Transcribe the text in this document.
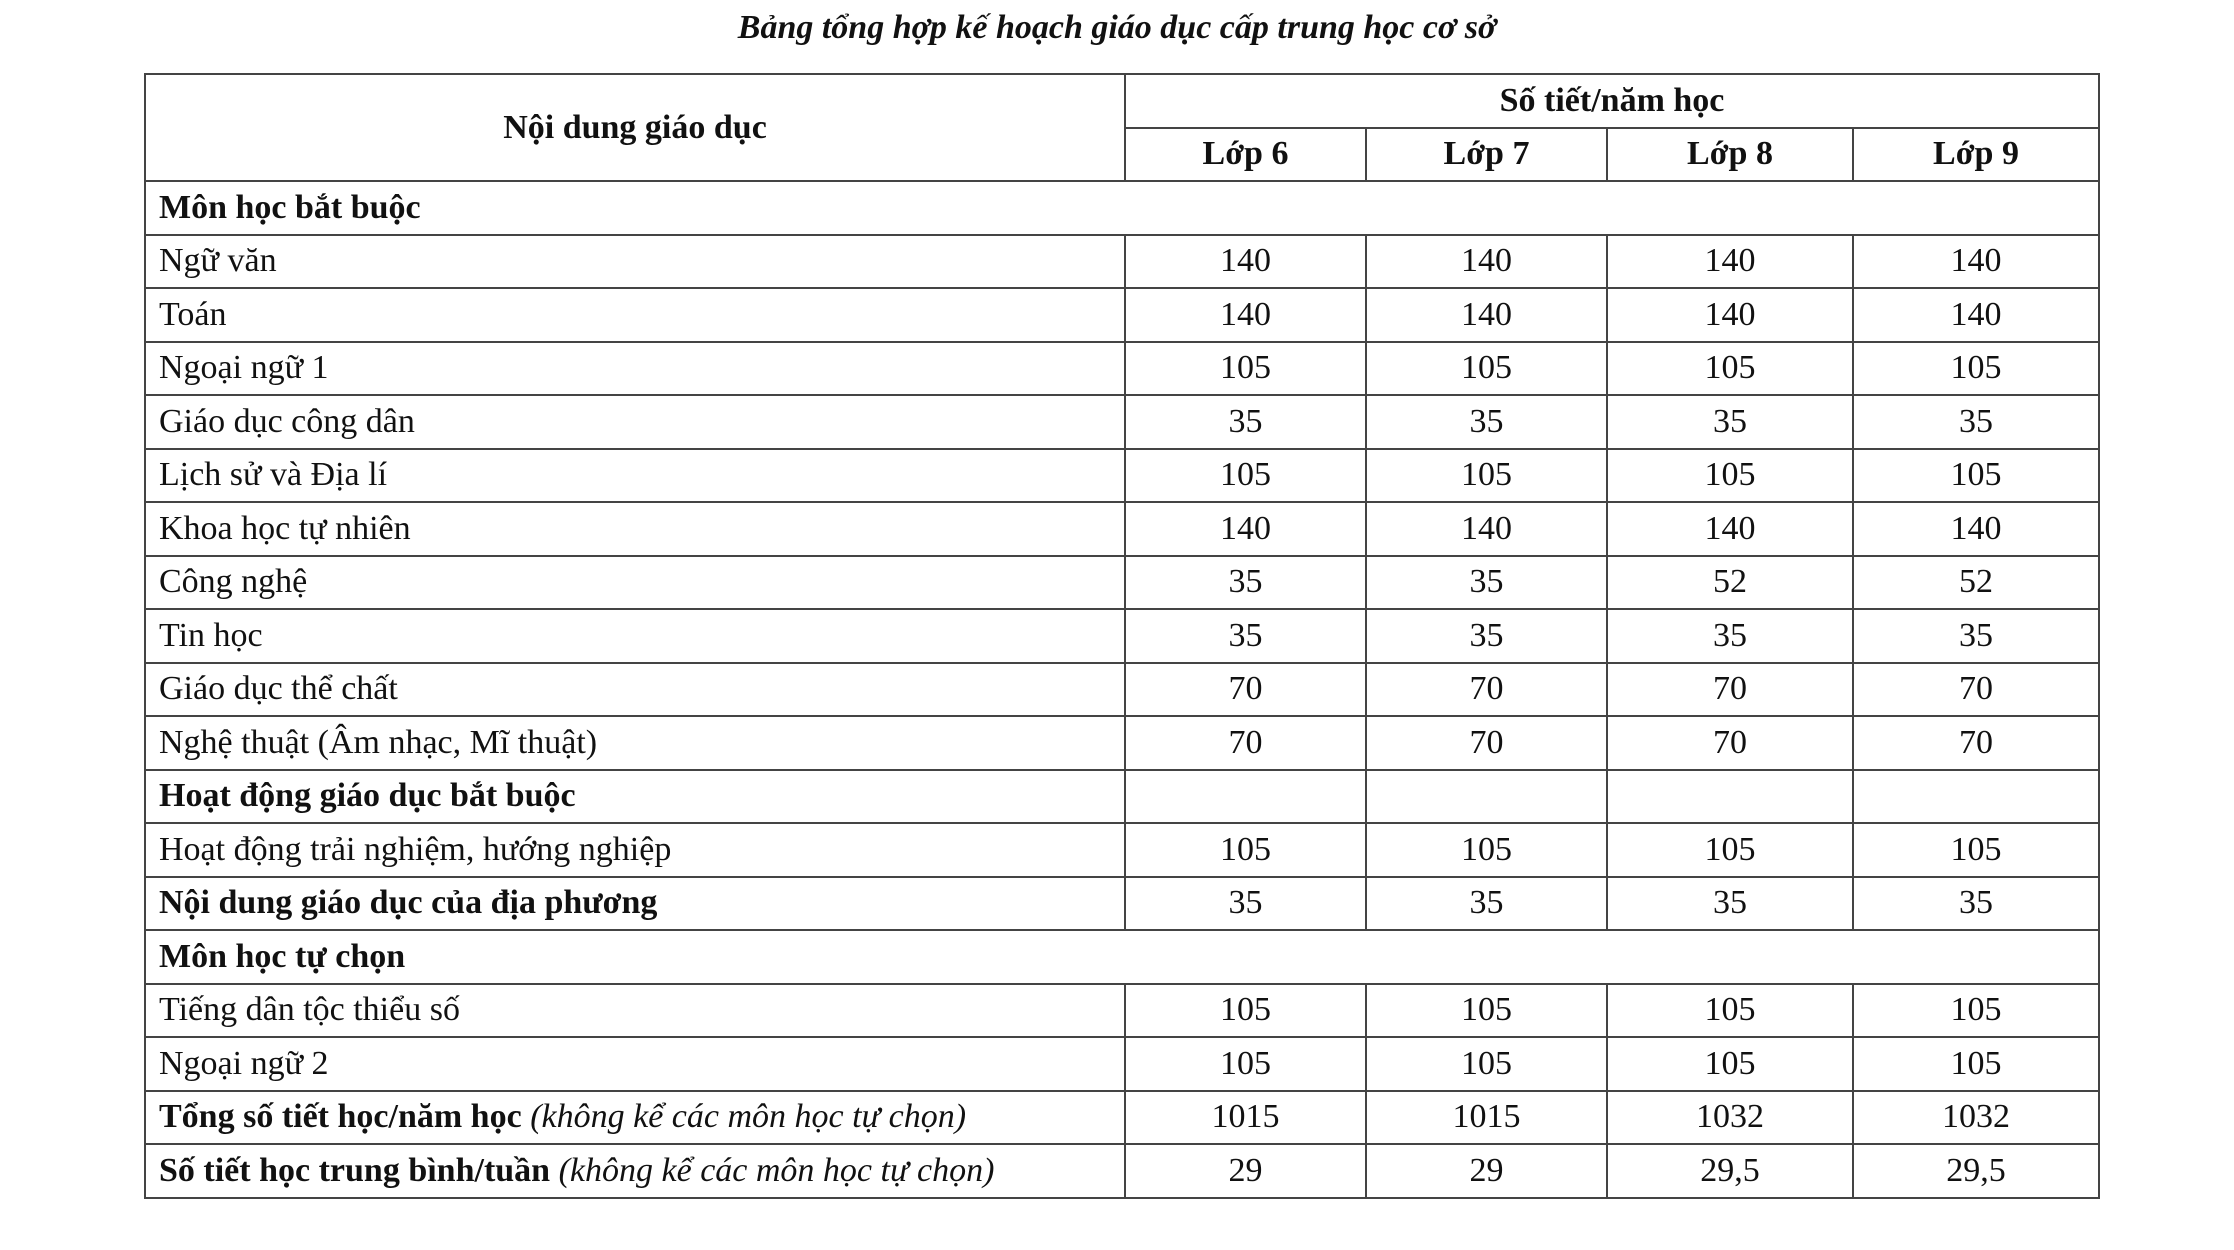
Bảng tổng hợp kế hoạch giáo dục cấp trung học cơ sở
Nội dung giáo dục	Số tiết/năm học			
	Lớp 6	Lớp 7	Lớp 8	Lớp 9
Môn học bắt buộc				
Ngữ văn	140	140	140	140
Toán	140	140	140	140
Ngoại ngữ 1	105	105	105	105
Giáo dục công dân	35	35	35	35
Lịch sử và Địa lí	105	105	105	105
Khoa học tự nhiên	140	140	140	140
Công nghệ	35	35	52	52
Tin học	35	35	35	35
Giáo dục thể chất	70	70	70	70
Nghệ thuật (Âm nhạc, Mĩ thuật)	70	70	70	70
Hoạt động giáo dục bắt buộc				
Hoạt động trải nghiệm, hướng nghiệp	105	105	105	105
Nội dung giáo dục của địa phương	35	35	35	35
Môn học tự chọn				
Tiếng dân tộc thiểu số	105	105	105	105
Ngoại ngữ 2	105	105	105	105
Tổng số tiết học/năm học (không kể các môn học tự chọn)	1015	1015	1032	1032
Số tiết học trung bình/tuần (không kể các môn học tự chọn)	29	29	29,5	29,5
